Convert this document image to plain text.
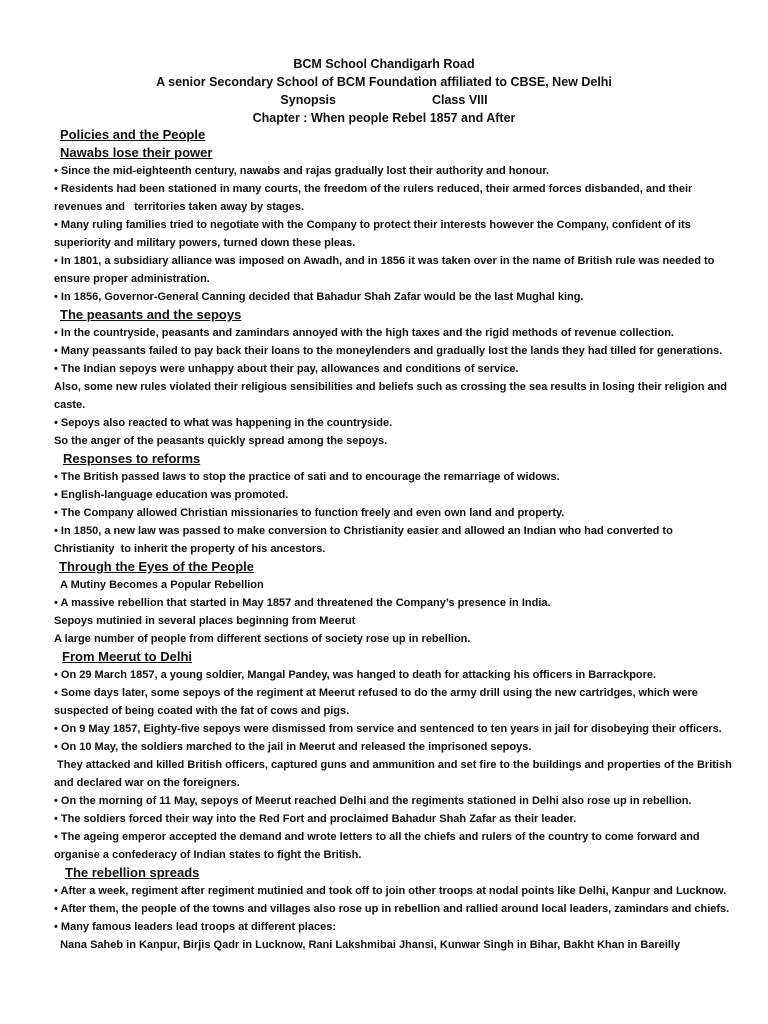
BCM School Chandigarh Road
A senior Secondary School of BCM Foundation affiliated to CBSE, New Delhi
Synopsis	Class VIII
Chapter : When people Rebel 1857 and After
Policies and the People
Nawabs lose their power

• Since the mid-eighteenth century, nawabs and rajas gradually lost their authority and honour.

• Residents had been stationed in many courts, the freedom of the rulers reduced, their armed forces disbanded, and their

revenues and   territories taken away by stages.

• Many ruling families tried to negotiate with the Company to protect their interests however the Company, confident of its

superiority and military powers, turned down these pleas.

• In 1801, a subsidiary alliance was imposed on Awadh, and in 1856 it was taken over in the name of British rule was needed to

ensure proper administration.

• In 1856, Governor-General Canning decided that Bahadur Shah Zafar would be the last Mughal king.

The peasants and the sepoys

• In the countryside, peasants and zamindars annoyed with the high taxes and the rigid methods of revenue collection.

• Many peassants failed to pay back their loans to the moneylenders and gradually lost the lands they had tilled for generations.

• The Indian sepoys were unhappy about their pay, allowances and conditions of service.

Also, some new rules violated their religious sensibilities and beliefs such as crossing the sea results in losing their religion and

caste.

• Sepoys also reacted to what was happening in the countryside.

So the anger of the peasants quickly spread among the sepoys.

Responses to reforms

• The British passed laws to stop the practice of sati and to encourage the remarriage of widows.

• English-language education was promoted.

• The Company allowed Christian missionaries to function freely and even own land and property.

• In 1850, a new law was passed to make conversion to Christianity easier and allowed an Indian who had converted to

Christianity  to inherit the property of his ancestors.

Through the Eyes of the People
A Mutiny Becomes a Popular Rebellion

• A massive rebellion that started in May 1857 and threatened the Company’s presence in India.

Sepoys mutinied in several places beginning from Meerut

A large number of people from different sections of society rose up in rebellion.

From Meerut to Delhi

• On 29 March 1857, a young soldier, Mangal Pandey, was hanged to death for attacking his officers in Barrackpore.

• Some days later, some sepoys of the regiment at Meerut refused to do the army drill using the new cartridges, which were

suspected of being coated with the fat of cows and pigs.

• On 9 May 1857, Eighty-five sepoys were dismissed from service and sentenced to ten years in jail for disobeying their officers.

• On 10 May, the soldiers marched to the jail in Meerut and released the imprisoned sepoys.

They attacked and killed British officers, captured guns and ammunition and set fire to the buildings and properties of the British

and declared war on the foreigners.

• On the morning of 11 May, sepoys of Meerut reached Delhi and the regiments stationed in Delhi also rose up in rebellion.

• The soldiers forced their way into the Red Fort and proclaimed Bahadur Shah Zafar as their leader.

• The ageing emperor accepted the demand and wrote letters to all the chiefs and rulers of the country to come forward and

organise a confederacy of Indian states to fight the British.

The rebellion spreads

• After a week, regiment after regiment mutinied and took off to join other troops at nodal points like Delhi, Kanpur and Lucknow.

• After them, the people of the towns and villages also rose up in rebellion and rallied around local leaders, zamindars and chiefs.

• Many famous leaders lead troops at different places:

Nana Saheb in Kanpur, Birjis Qadr in Lucknow, Rani Lakshmibai Jhansi, Kunwar Singh in Bihar, Bakht Khan in Bareilly
